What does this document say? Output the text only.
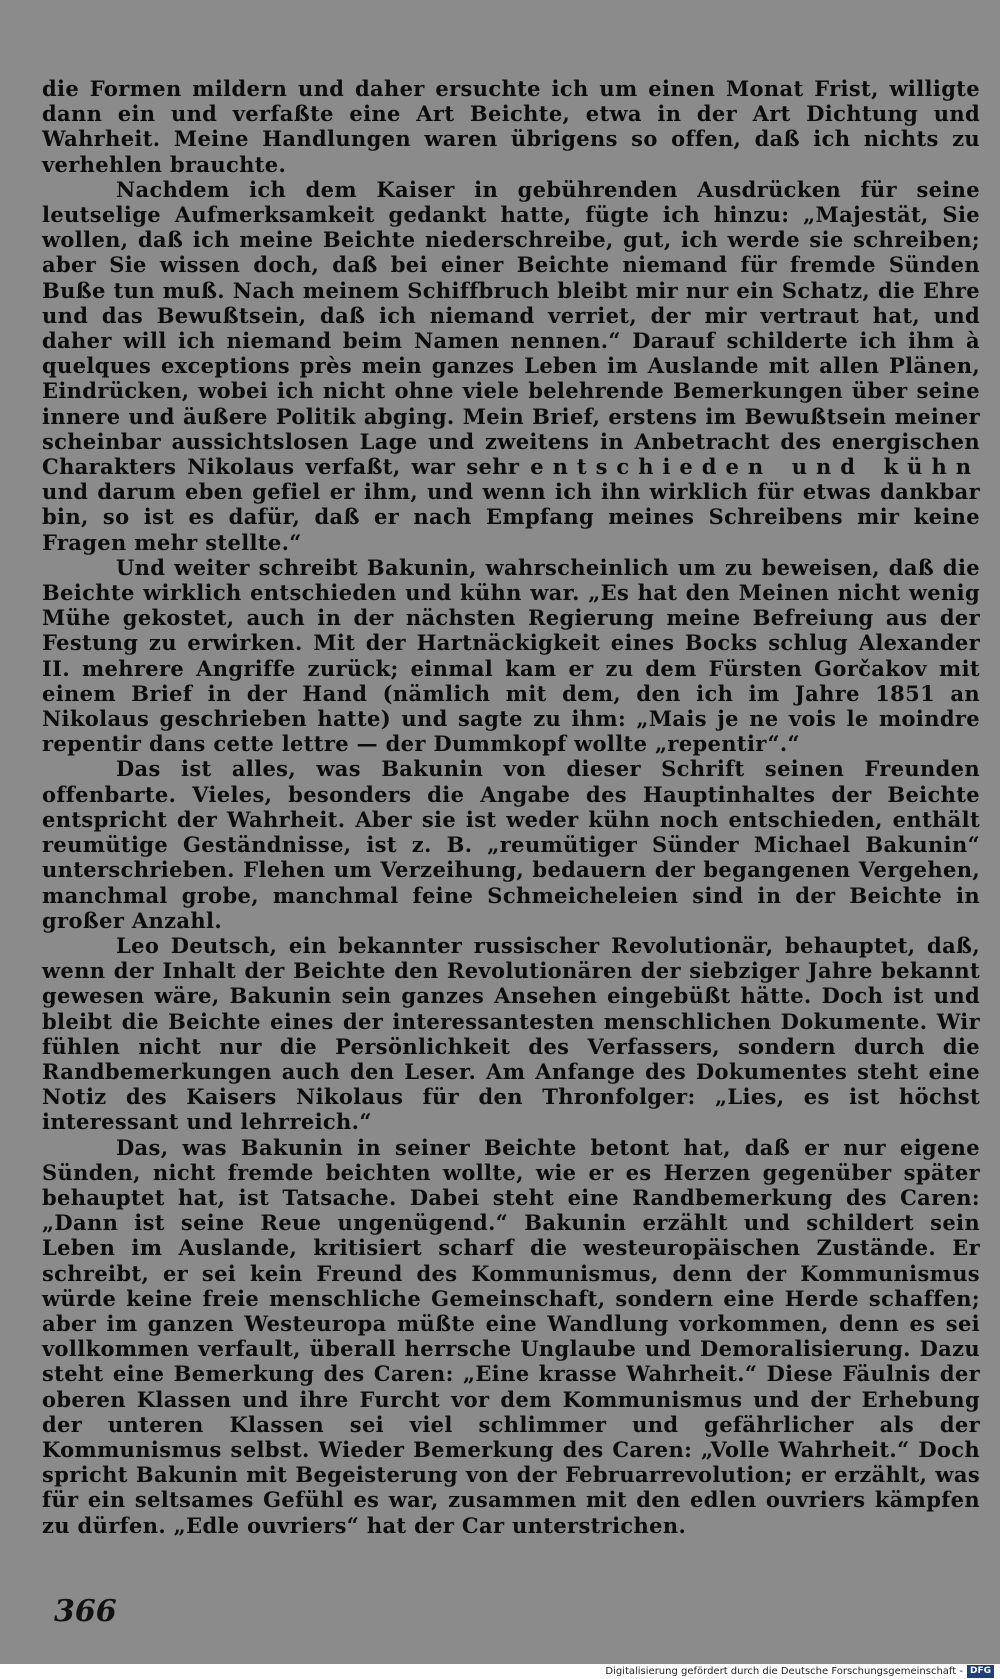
die Formen mildern und daher ersuchte ich um einen Monat Frist, willigte dann ein und verfaßte eine Art Beichte, etwa in der Art Dichtung und Wahrheit. Meine Handlungen waren übrigens so offen, daß ich nichts zu verhehlen brauchte.

Nachdem ich dem Kaiser in gebührenden Ausdrücken für seine leutselige Aufmerksamkeit gedankt hatte, fügte ich hinzu: „Majestät, Sie wollen, daß ich meine Beichte niederschreibe, gut, ich werde sie schreiben; aber Sie wissen doch, daß bei einer Beichte niemand für fremde Sünden Buße tun muß. Nach meinem Schiffbruch bleibt mir nur ein Schatz, die Ehre und das Bewußtsein, daß ich niemand verriet, der mir vertraut hat, und daher will ich niemand beim Namen nennen.“ Darauf schilderte ich ihm à quelques exceptions près mein ganzes Leben im Auslande mit allen Plänen, Eindrücken, wobei ich nicht ohne viele belehrende Bemerkungen über seine innere und äußere Politik abging. Mein Brief, erstens im Bewußtsein meiner scheinbar aussichtslosen Lage und zweitens in Anbetracht des energischen Charakters Nikolaus verfaßt, war sehr entschieden und kühn und darum eben gefiel er ihm, und wenn ich ihn wirklich für etwas dankbar bin, so ist es dafür, daß er nach Empfang meines Schreibens mir keine Fragen mehr stellte.“

Und weiter schreibt Bakunin, wahrscheinlich um zu beweisen, daß die Beichte wirklich entschieden und kühn war. „Es hat den Meinen nicht wenig Mühe gekostet, auch in der nächsten Regierung meine Befreiung aus der Festung zu erwirken. Mit der Hartnäckigkeit eines Bocks schlug Alexander II. mehrere Angriffe zurück; einmal kam er zu dem Fürsten Gorčakov mit einem Brief in der Hand (nämlich mit dem, den ich im Jahre 1851 an Nikolaus geschrieben hatte) und sagte zu ihm: „Mais je ne vois le moindre repentir dans cette lettre — der Dummkopf wollte „repentir“.“

Das ist alles, was Bakunin von dieser Schrift seinen Freunden offenbarte. Vieles, besonders die Angabe des Hauptinhaltes der Beichte entspricht der Wahrheit. Aber sie ist weder kühn noch entschieden, enthält reumütige Geständnisse, ist z. B. „reumütiger Sünder Michael Bakunin“ unterschrieben. Flehen um Verzeihung, bedauern der begangenen Vergehen, manchmal grobe, manchmal feine Schmeicheleien sind in der Beichte in großer Anzahl.

Leo Deutsch, ein bekannter russischer Revolutionär, behauptet, daß, wenn der Inhalt der Beichte den Revolutionären der siebziger Jahre bekannt gewesen wäre, Bakunin sein ganzes Ansehen eingebüßt hätte. Doch ist und bleibt die Beichte eines der interessantesten menschlichen Dokumente. Wir fühlen nicht nur die Persönlichkeit des Verfassers, sondern durch die Randbemerkungen auch den Leser. Am Anfange des Dokumentes steht eine Notiz des Kaisers Nikolaus für den Thronfolger: „Lies, es ist höchst interessant und lehrreich.“

Das, was Bakunin in seiner Beichte betont hat, daß er nur eigene Sünden, nicht fremde beichten wollte, wie er es Herzen gegenüber später behauptet hat, ist Tatsache. Dabei steht eine Randbemerkung des Caren: „Dann ist seine Reue ungenügend.“ Bakunin erzählt und schildert sein Leben im Auslande, kritisiert scharf die westeuropäischen Zustände. Er schreibt, er sei kein Freund des Kommunismus, denn der Kommunismus würde keine freie menschliche Gemeinschaft, sondern eine Herde schaffen; aber im ganzen Westeuropa müßte eine Wandlung vorkommen, denn es sei vollkommen verfault, überall herrsche Unglaube und Demoralisierung. Dazu steht eine Bemerkung des Caren: „Eine krasse Wahrheit.“ Diese Fäulnis der oberen Klassen und ihre Furcht vor dem Kommunismus und der Erhebung der unteren Klassen sei viel schlimmer und gefährlicher als der Kommunismus selbst. Wieder Bemerkung des Caren: „Volle Wahrheit.“ Doch spricht Bakunin mit Begeisterung von der Februarrevolution; er erzählt, was für ein seltsames Gefühl es war, zusammen mit den edlen ouvriers kämpfen zu dürfen. „Edle ouvriers“ hat der Car unterstrichen.

366
Digitalisierung gefördert durch die Deutsche Forschungsgemeinschaft - DFG
